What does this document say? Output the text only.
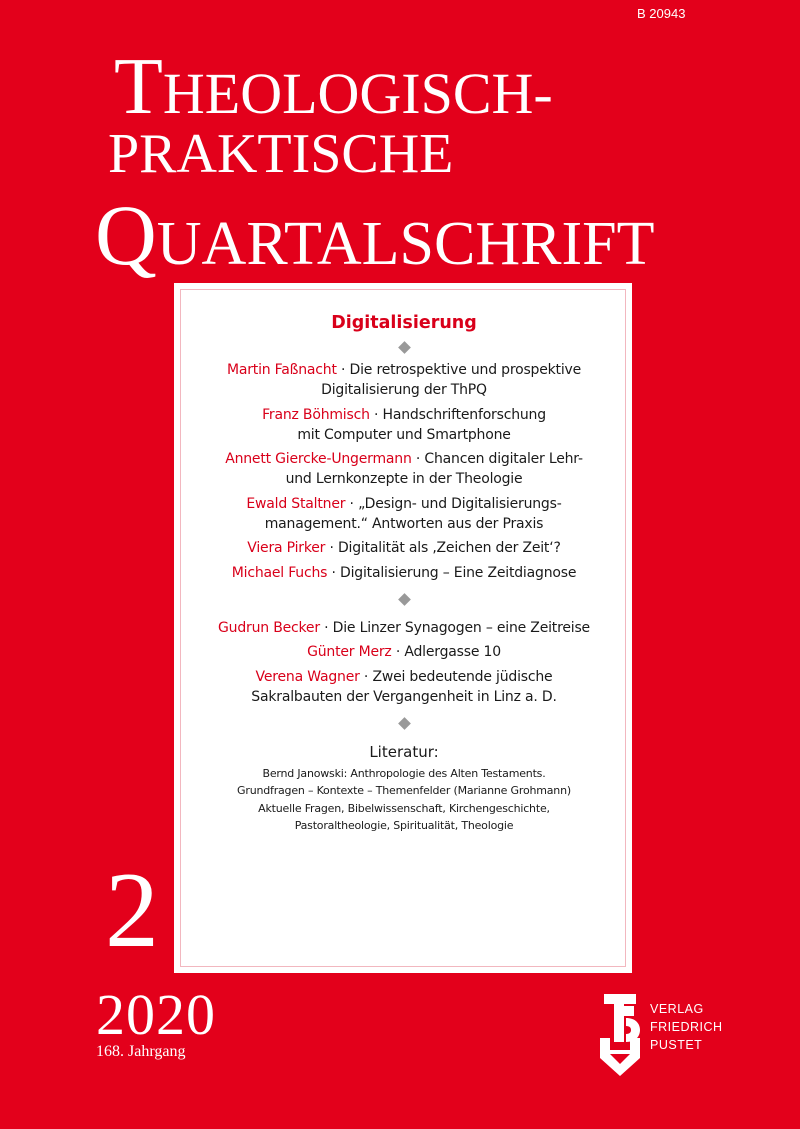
B 20943
THEOLOGISCH-
PRAKTISCHE
QUARTALSCHRIFT
Digitalisierung
Martin Faßnacht · Die retrospektive und prospektive
Digitalisierung der ThPQ
Franz Böhmisch · Handschriftenforschung
mit Computer und Smartphone
Annett Giercke-Ungermann · Chancen digitaler Lehr-
und Lernkonzepte in der Theologie
Ewald Staltner · „Design- und Digitalisierungs-
management.“ Antworten aus der Praxis
Viera Pirker · Digitalität als ‚Zeichen der Zeit‘?
Michael Fuchs · Digitalisierung – Eine Zeitdiagnose
Gudrun Becker · Die Linzer Synagogen – eine Zeitreise
Günter Merz · Adlergasse 10
Verena Wagner · Zwei bedeutende jüdische
Sakralbauten der Vergangenheit in Linz a. D.
Literatur:
Bernd Janowski: Anthropologie des Alten Testaments.
Grundfragen – Kontexte – Themenfelder (Marianne Grohmann)
Aktuelle Fragen, Bibelwissenschaft, Kirchengeschichte,
Pastoraltheologie, Spiritualität, Theologie
2
2020
168. Jahrgang
VERLAG
FRIEDRICH
PUSTET
